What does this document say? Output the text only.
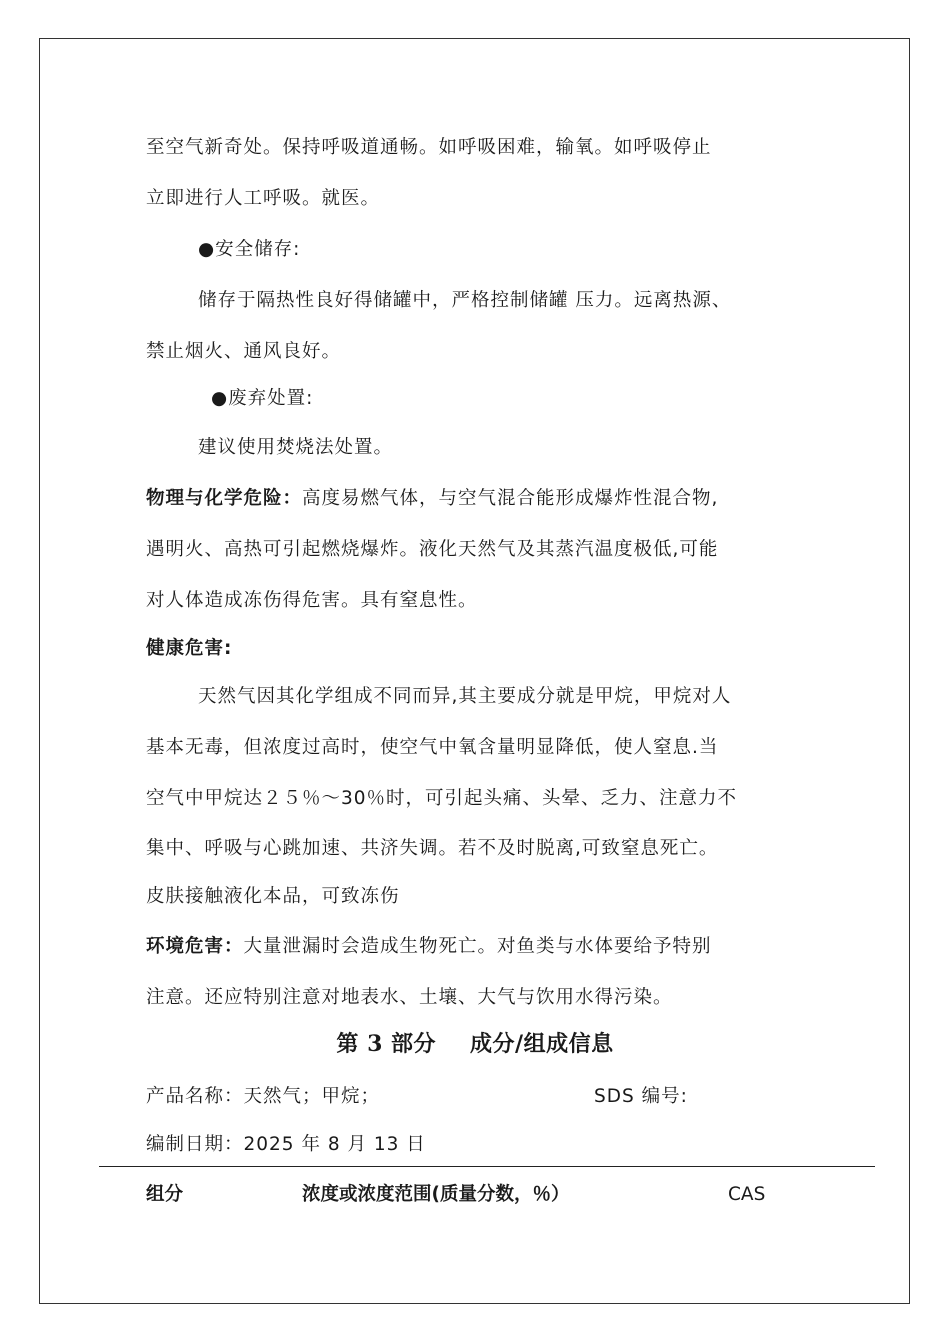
至空气新奇处。保持呼吸道通畅。如呼吸困难，输氧。如呼吸停止
立即进行人工呼吸。就医。
●安全储存:
储存于隔热性良好得储罐中，严格控制储罐 压力。远离热源、
禁止烟火、通风良好。
●废弃处置:
建议使用焚烧法处置。
物理与化学危险：高度易燃气体，与空气混合能形成爆炸性混合物,
遇明火、高热可引起燃烧爆炸。液化天然气及其蒸汽温度极低,可能
对人体造成冻伤得危害。具有窒息性。
健康危害:
天然气因其化学组成不同而异,其主要成分就是甲烷，甲烷对人
基本无毒，但浓度过高时，使空气中氧含量明显降低，使人窒息.当
空气中甲烷达２５％～30％时，可引起头痛、头晕、乏力、注意力不
集中、呼吸与心跳加速、共济失调。若不及时脱离,可致窒息死亡。
皮肤接触液化本品，可致冻伤
环境危害：大量泄漏时会造成生物死亡。对鱼类与水体要给予特别
注意。还应特别注意对地表水、土壤、大气与饮用水得污染。
第 3 部分 成分/组成信息
产品名称：天然气；甲烷；	SDS 编号:
编制日期：2025 年 8 月 13 日
组分	浓度或浓度范围(质量分数，％）	CAS
